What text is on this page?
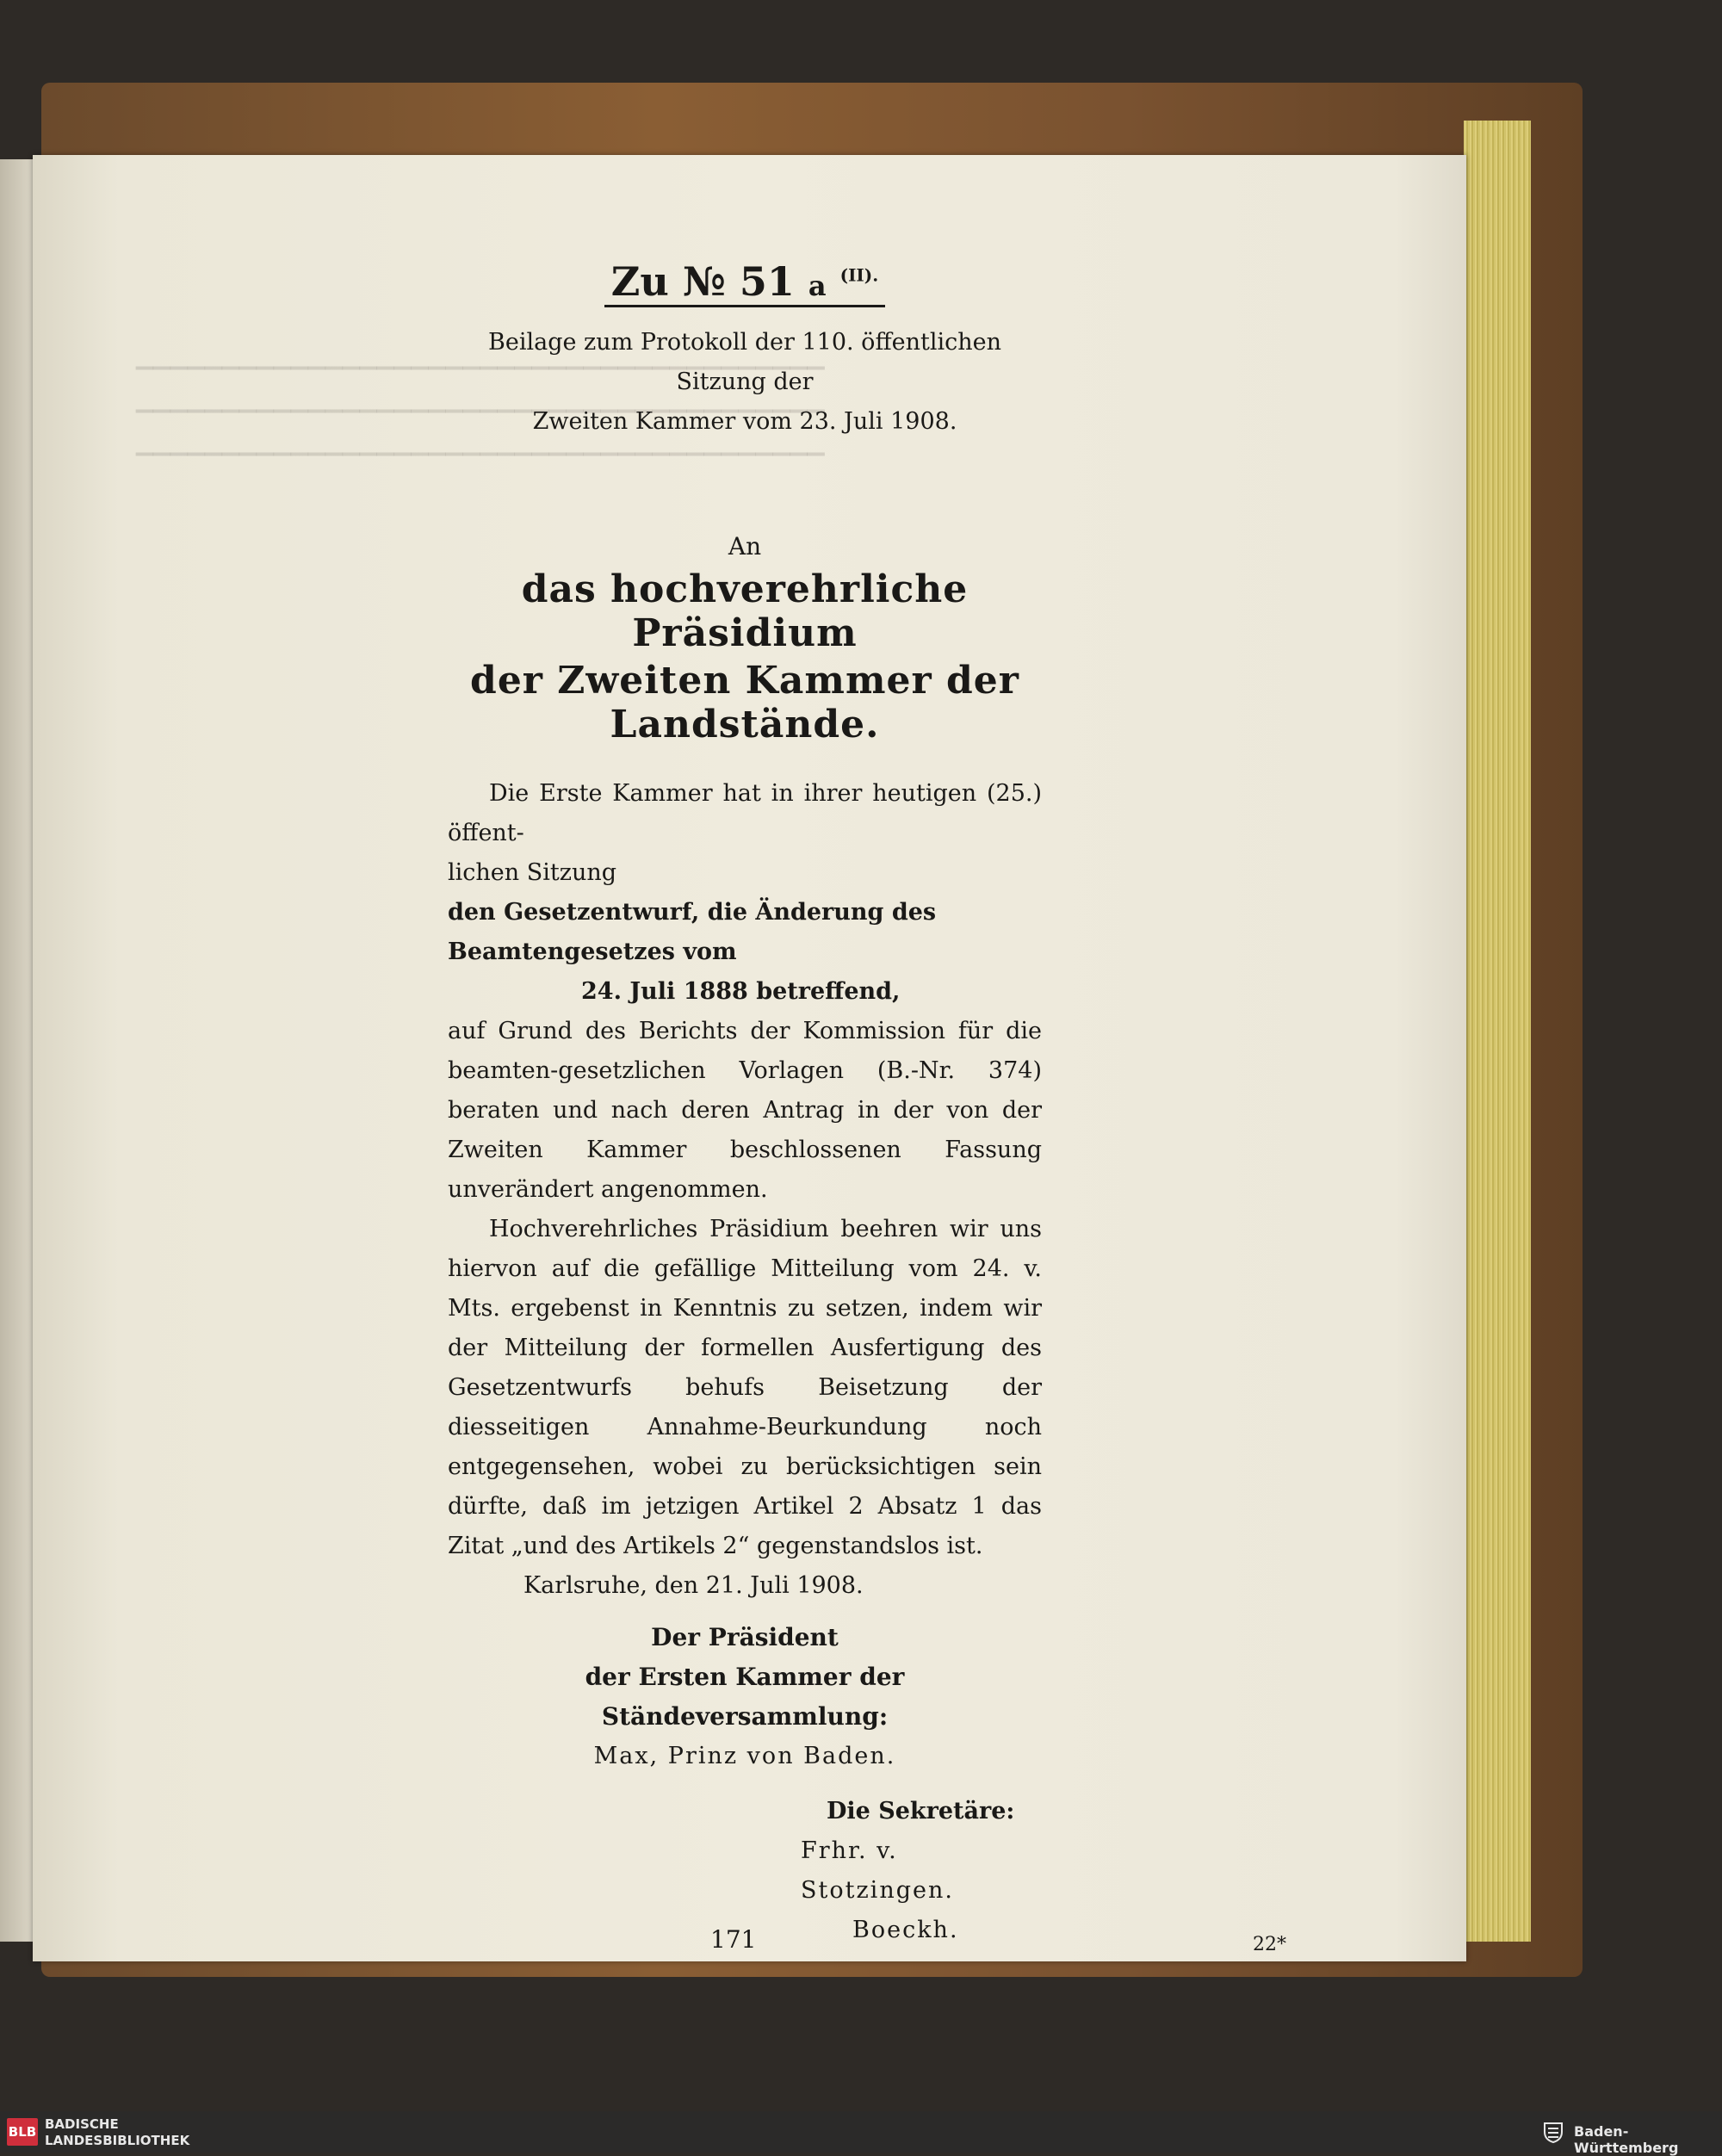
▁▁▁▁▁▁▁▁▁▁▁▁▁▁▁▁▁▁▁▁▁▁▁▁▁▁▁▁▁▁▁▁▁▁▁▁▁▁▁▁
▁▁▁▁▁▁▁▁▁▁▁▁▁▁▁▁▁▁▁▁▁▁▁▁▁▁▁▁▁▁▁▁▁▁▁▁▁▁▁▁
▁▁▁▁▁▁▁▁▁▁▁▁▁▁▁▁▁▁▁▁▁▁▁▁▁▁▁▁▁▁▁▁▁▁▁▁▁▁▁▁
Zu № 51 a $^{(II).}$

Beilage zum Protokoll der 110. öffentlichen Sitzung der

Zweiten Kammer vom 23. Juli 1908.

An

das hochverehrliche Präsidium

der Zweiten Kammer der Landstände.

Die Erste Kammer hat in ihrer heutigen (25.) öffent-

lichen Sitzung

den Gesetzentwurf, die Änderung des Beamtengesetzes vom

24. Juli 1888 betreffend,

auf Grund des Berichts der Kommission für die beamten-gesetzlichen Vorlagen (B.-Nr. 374) beraten und nach deren Antrag in der von der Zweiten Kammer beschlossenen Fassung unverändert angenommen.

Hochverehrliches Präsidium beehren wir uns hiervon auf die gefällige Mitteilung vom 24. v. Mts. ergebenst in Kenntnis zu setzen, indem wir der Mitteilung der formellen Ausfertigung des Gesetzentwurfs behufs Beisetzung der diesseitigen Annahme-Beurkundung noch entgegensehen, wobei zu berücksichtigen sein dürfte, daß im jetzigen Artikel 2 Absatz 1 das Zitat „und des Artikels 2“ gegenstandslos ist.

Karlsruhe, den 21. Juli 1908.

Der Präsident

der Ersten Kammer der Ständeversammlung:

Max, Prinz von Baden.

Die Sekretäre:

Frhr. v. Stotzingen.

Boeckh.

171	22*
BLB BADISCHE
LANDESBIBLIOTHEK
Baden-Württemberg
